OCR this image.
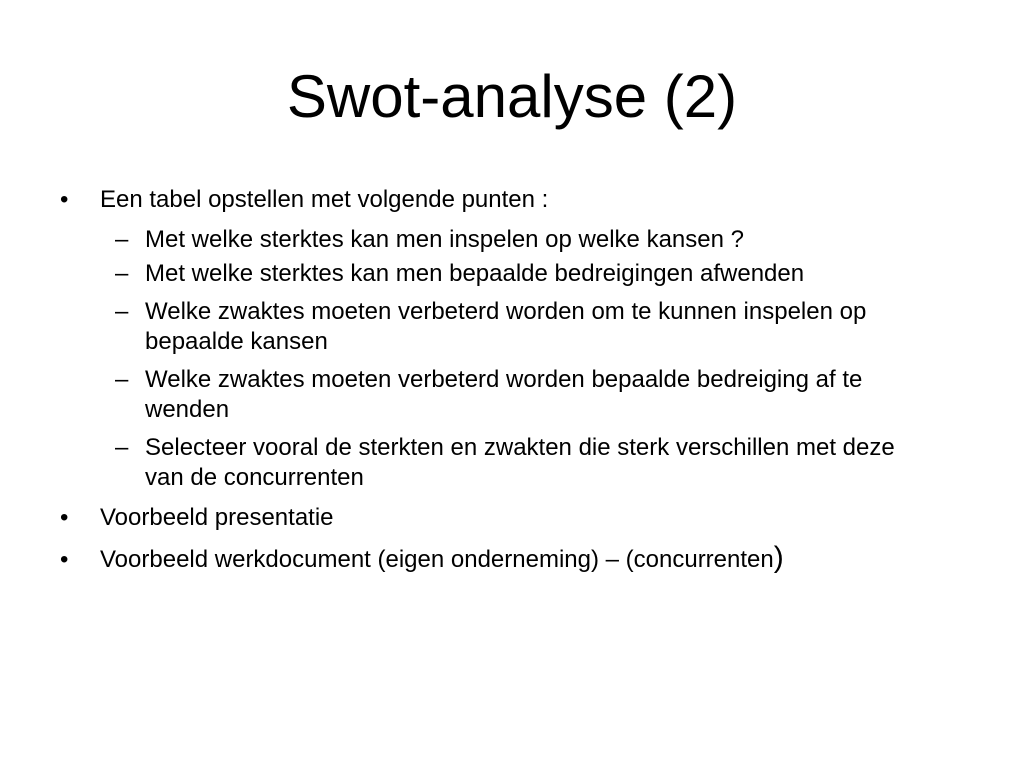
Swot-analyse (2)
• Een tabel opstellen met volgende punten :
– Met welke sterktes kan men inspelen op welke kansen ?
– Met welke sterktes kan men bepaalde bedreigingen afwenden
– Welke zwaktes moeten verbeterd worden om te kunnen inspelen op bepaalde kansen
– Welke zwaktes moeten verbeterd worden bepaalde bedreiging af te wenden
– Selecteer vooral de sterkten en zwakten die sterk verschillen met deze van de concurrenten
• Voorbeeld presentatie
• Voorbeeld werkdocument (eigen onderneming) – (concurrenten)
